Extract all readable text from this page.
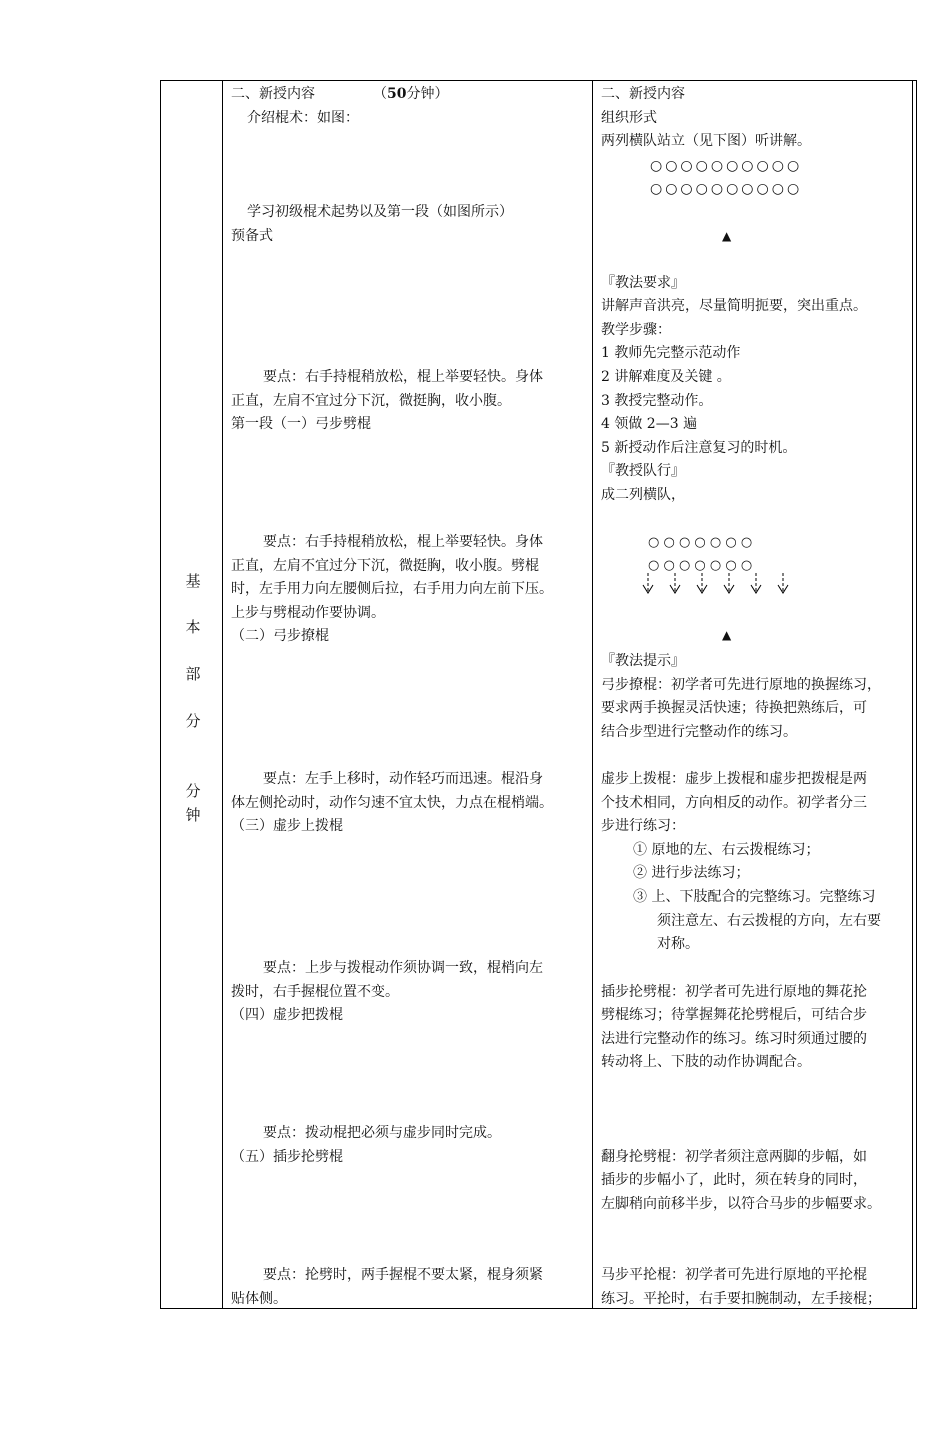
基
本
部
分
分
钟
二、新授内容	（50分钟）
介绍棍术：如图：
学习初级棍术起势以及第一段（如图所示）
预备式
要点：右手持棍稍放松，棍上举要轻快。身体
正直，左肩不宜过分下沉，微挺胸，收小腹。
第一段（一）弓步劈棍
要点：右手持棍稍放松，棍上举要轻快。身体
正直，左肩不宜过分下沉，微挺胸，收小腹。劈棍
时，左手用力向左腰侧后拉，右手用力向左前下压。
上步与劈棍动作要协调。
（二）弓步撩棍
要点：左手上移时，动作轻巧而迅速。棍沿身
体左侧抡动时，动作匀速不宜太快，力点在棍梢端。
（三）虚步上拨棍
要点：上步与拨棍动作须协调一致，棍梢向左
拨时，右手握棍位置不变。
（四）虚步把拨棍
要点：拨动棍把必须与虚步同时完成。
（五）插步抡劈棍
要点：抡劈时，两手握棍不要太紧，棍身须紧
贴体侧。
二、新授内容
组织形式
两列横队站立（见下图）听讲解。
○○○○○○○○○○
○○○○○○○○○○
▲
『教法要求』
讲解声音洪亮，尽量简明扼要，突出重点。
教学步骤：
1 教师先完整示范动作
2 讲解难度及关键 。
3 教授完整动作。
4 领做 2—3 遍
5 新授动作后注意复习的时机。
『教授队行』
成二列横队，
○ ○ ○ ○ ○ ○ ○
○ ○ ○ ○ ○ ○ ○
▲
『教法提示』
弓步撩棍：初学者可先进行原地的换握练习，
要求两手换握灵活快速；待换把熟练后，可
结合步型进行完整动作的练习。
虚步上拨棍：虚步上拨棍和虚步把拨棍是两
个技术相同，方向相反的动作。初学者分三
步进行练习：
① 原地的左、右云拨棍练习；
② 进行步法练习；
③ 上、下肢配合的完整练习。完整练习
须注意左、右云拨棍的方向，左右要
对称。
插步抡劈棍：初学者可先进行原地的舞花抡
劈棍练习；待掌握舞花抡劈棍后，可结合步
法进行完整动作的练习。练习时须通过腰的
转动将上、下肢的动作协调配合。
翻身抡劈棍：初学者须注意两脚的步幅，如
插步的步幅小了，此时，须在转身的同时，
左脚稍向前移半步，以符合马步的步幅要求。
马步平抡棍：初学者可先进行原地的平抡棍
练习。平抡时，右手要扣腕制动，左手接棍；
